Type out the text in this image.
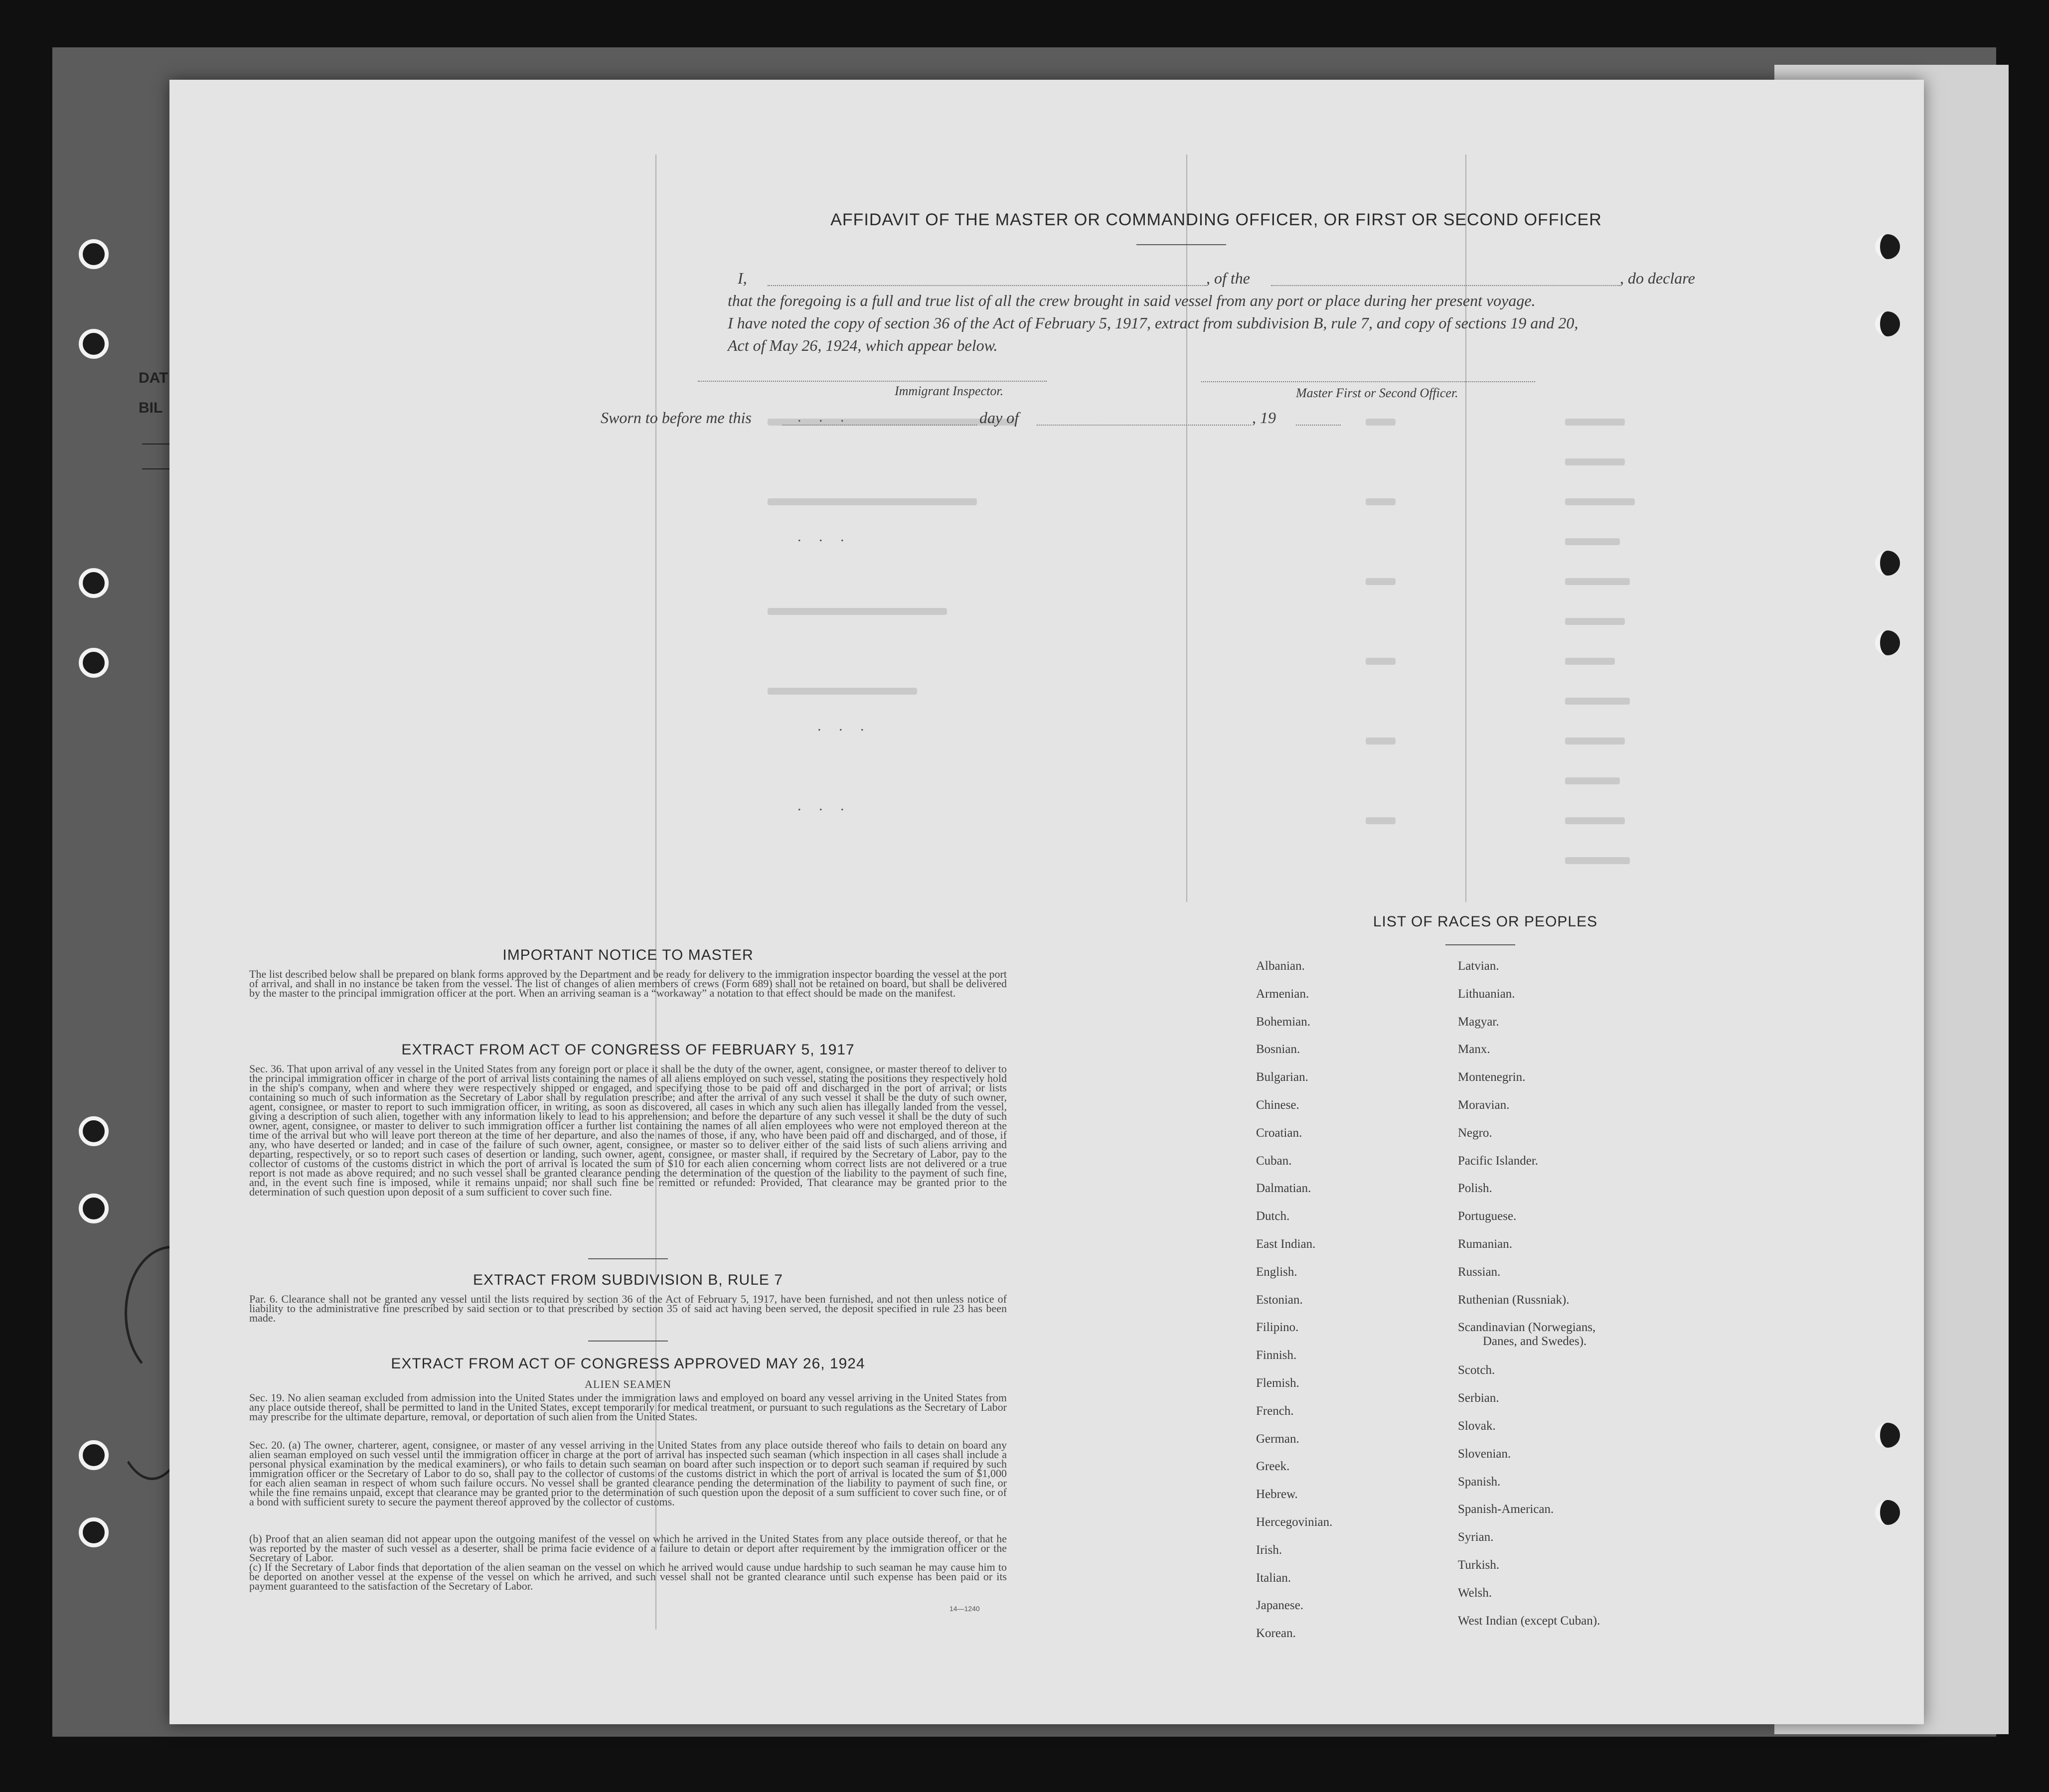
DAT
BIL
. . .
. . .
. . .
. . .
AFFIDAVIT OF THE MASTER OR COMMANDING OFFICER, OR FIRST OR SECOND OFFICER
I,	, of the	, do declare
that the foregoing is a full and true list of all the crew brought in said vessel from any port or place during her present voyage.
I have noted the copy of section 36 of the Act of February 5, 1917, extract from subdivision B, rule 7, and copy of sections 19 and 20,
Act of May 26, 1924, which appear below.
Master First or Second Officer.
Sworn to before me this	day of	, 19
Immigrant Inspector.
IMPORTANT NOTICE TO MASTER
The list described below shall be prepared on blank forms approved by the Department and be ready for delivery to the immigration inspector boarding the vessel at the port of arrival, and shall in no instance be taken from the vessel. The list of changes of alien members of crews (Form 689) shall not be retained on board, but shall be delivered by the master to the principal immigration officer at the port. When an arriving seaman is a “workaway” a notation to that effect should be made on the manifest.
EXTRACT FROM ACT OF CONGRESS OF FEBRUARY 5, 1917
Sec. 36. That upon arrival of any vessel in the United States from any foreign port or place it shall be the duty of the owner, agent, consignee, or master thereof to deliver to the principal immigration officer in charge of the port of arrival lists containing the names of all aliens employed on such vessel, stating the positions they respectively hold in the ship's company, when and where they were respectively shipped or engaged, and specifying those to be paid off and discharged in the port of arrival; or lists containing so much of such information as the Secretary of Labor shall by regulation prescribe; and after the arrival of any such vessel it shall be the duty of such owner, agent, consignee, or master to report to such immigration officer, in writing, as soon as discovered, all cases in which any such alien has illegally landed from the vessel, giving a description of such alien, together with any information likely to lead to his apprehension; and before the departure of any such vessel it shall be the duty of such owner, agent, consignee, or master to deliver to such immigration officer a further list containing the names of all alien employees who were not employed thereon at the time of the arrival but who will leave port thereon at the time of her departure, and also the names of those, if any, who have been paid off and discharged, and of those, if any, who have deserted or landed; and in case of the failure of such owner, agent, consignee, or master so to deliver either of the said lists of such aliens arriving and departing, respectively, or so to report such cases of desertion or landing, such owner, agent, consignee, or master shall, if required by the Secretary of Labor, pay to the collector of customs of the customs district in which the port of arrival is located the sum of $10 for each alien concerning whom correct lists are not delivered or a true report is not made as above required; and no such vessel shall be granted clearance pending the determination of the question of the liability to the payment of such fine, and, in the event such fine is imposed, while it remains unpaid; nor shall such fine be remitted or refunded: Provided, That clearance may be granted prior to the determination of such question upon deposit of a sum sufficient to cover such fine.
EXTRACT FROM SUBDIVISION B, RULE 7
Par. 6. Clearance shall not be granted any vessel until the lists required by section 36 of the Act of February 5, 1917, have been furnished, and not then unless notice of liability to the administrative fine prescribed by said section or to that prescribed by section 35 of said act having been served, the deposit specified in rule 23 has been made.
EXTRACT FROM ACT OF CONGRESS APPROVED MAY 26, 1924
ALIEN SEAMEN
Sec. 19. No alien seaman excluded from admission into the United States under the immigration laws and employed on board any vessel arriving in the United States from any place outside thereof, shall be permitted to land in the United States, except temporarily for medical treatment, or pursuant to such regulations as the Secretary of Labor may prescribe for the ultimate departure, removal, or deportation of such alien from the United States.
Sec. 20. (a) The owner, charterer, agent, consignee, or master of any vessel arriving in the United States from any place outside thereof who fails to detain on board any alien seaman employed on such vessel until the immigration officer in charge at the port of arrival has inspected such seaman (which inspection in all cases shall include a personal physical examination by the medical examiners), or who fails to detain such seaman on board after such inspection or to deport such seaman if required by such immigration officer or the Secretary of Labor to do so, shall pay to the collector of customs of the customs district in which the port of arrival is located the sum of $1,000 for each alien seaman in respect of whom such failure occurs. No vessel shall be granted clearance pending the determination of the liability to payment of such fine, or while the fine remains unpaid, except that clearance may be granted prior to the determination of such question upon the deposit of a sum sufficient to cover such fine, or of a bond with sufficient surety to secure the payment thereof approved by the collector of customs.
(b) Proof that an alien seaman did not appear upon the outgoing manifest of the vessel on which he arrived in the United States from any place outside thereof, or that he was reported by the master of such vessel as a deserter, shall be prima facie evidence of a failure to detain or deport after requirement by the immigration officer or the Secretary of Labor.
(c) If the Secretary of Labor finds that deportation of the alien seaman on the vessel on which he arrived would cause undue hardship to such seaman he may cause him to be deported on another vessel at the expense of the vessel on which he arrived, and such vessel shall not be granted clearance until such expense has been paid or its payment guaranteed to the satisfaction of the Secretary of Labor.
14—1240
LIST OF RACES OR PEOPLES
Albanian.
Armenian.
Bohemian.
Bosnian.
Bulgarian.
Chinese.
Croatian.
Cuban.
Dalmatian.
Dutch.
East Indian.
English.
Estonian.
Filipino.
Finnish.
Flemish.
French.
German.
Greek.
Hebrew.
Hercegovinian.
Irish.
Italian.
Japanese.
Korean.
Latvian.
Lithuanian.
Magyar.
Manx.
Montenegrin.
Moravian.
Negro.
Pacific Islander.
Polish.
Portuguese.
Rumanian.
Russian.
Ruthenian (Russniak).
Scandinavian (Norwegians,
Danes, and Swedes).
Scotch.
Serbian.
Slovak.
Slovenian.
Spanish.
Spanish-American.
Syrian.
Turkish.
Welsh.
West Indian (except Cuban).
